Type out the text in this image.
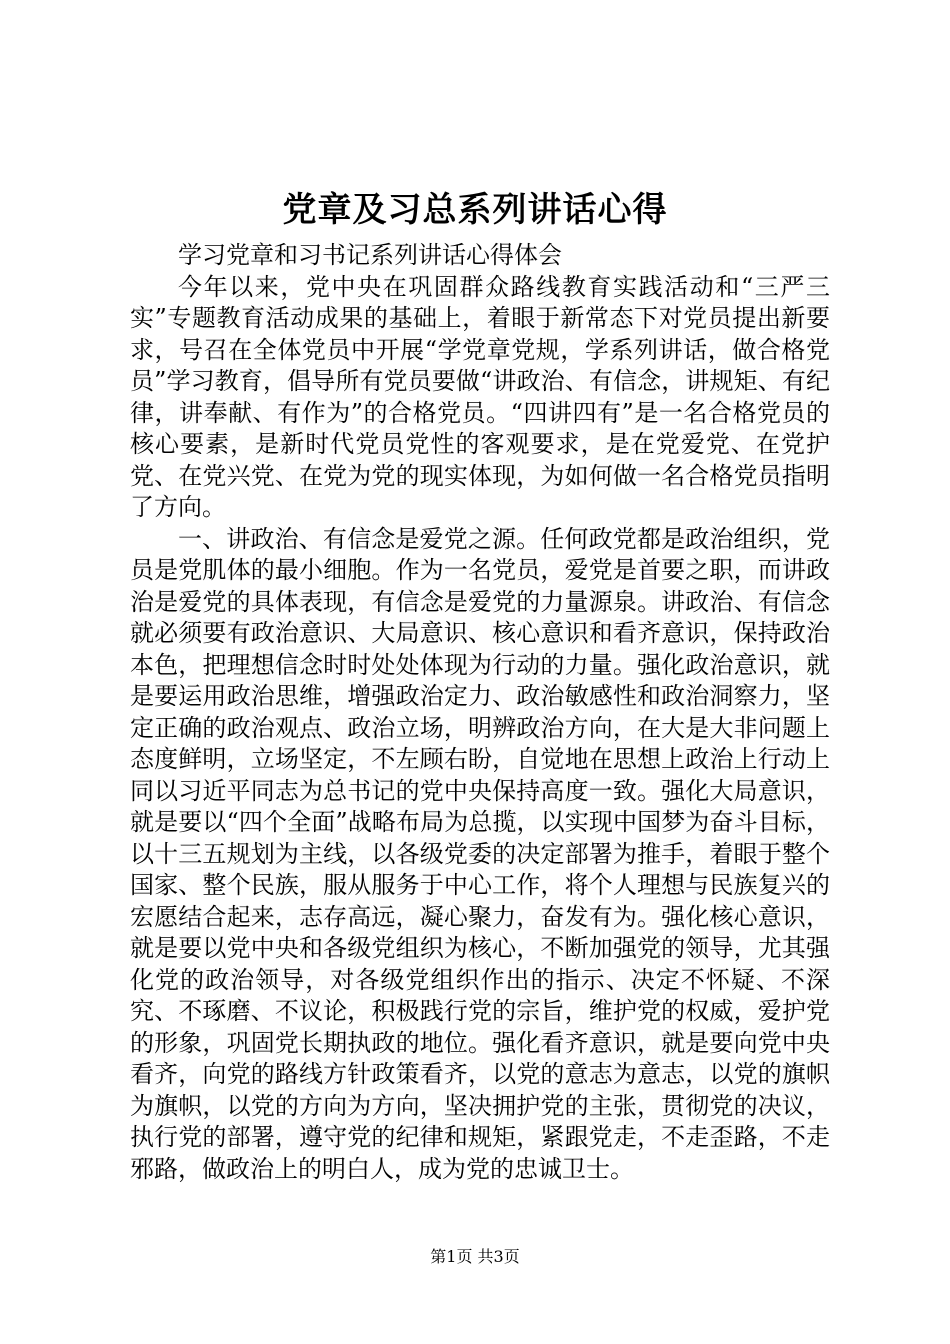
党章及习总系列讲话心得

学习党章和习书记系列讲话心得体会

今年以来，党中央在巩固群众路线教育实践活动和“三严三实”专题教育活动成果的基础上，着眼于新常态下对党员提出新要求，号召在全体党员中开展“学党章党规，学系列讲话，做合格党员”学习教育，倡导所有党员要做“讲政治、有信念，讲规矩、有纪律，讲奉献、有作为”的合格党员。“四讲四有”是一名合格党员的核心要素，是新时代党员党性的客观要求，是在党爱党、在党护党、在党兴党、在党为党的现实体现，为如何做一名合格党员指明了方向。

一、讲政治、有信念是爱党之源。任何政党都是政治组织，党员是党肌体的最小细胞。作为一名党员，爱党是首要之职，而讲政治是爱党的具体表现，有信念是爱党的力量源泉。讲政治、有信念就必须要有政治意识、大局意识、核心意识和看齐意识，保持政治本色，把理想信念时时处处体现为行动的力量。强化政治意识，就是要运用政治思维，增强政治定力、政治敏感性和政治洞察力，坚定正确的政治观点、政治立场，明辨政治方向，在大是大非问题上态度鲜明，立场坚定，不左顾右盼，自觉地在思想上政治上行动上同以习近平同志为总书记的党中央保持高度一致。强化大局意识，就是要以“四个全面”战略布局为总揽，以实现中国梦为奋斗目标，以十三五规划为主线，以各级党委的决定部署为推手，着眼于整个国家、整个民族，服从服务于中心工作，将个人理想与民族复兴的宏愿结合起来，志存高远，凝心聚力，奋发有为。强化核心意识，就是要以党中央和各级党组织为核心，不断加强党的领导，尤其强化党的政治领导，对各级党组织作出的指示、决定不怀疑、不深究、不琢磨、不议论，积极践行党的宗旨，维护党的权威，爱护党的形象，巩固党长期执政的地位。强化看齐意识，就是要向党中央看齐，向党的路线方针政策看齐，以党的意志为意志，以党的旗帜为旗帜，以党的方向为方向，坚决拥护党的主张，贯彻党的决议，执行党的部署，遵守党的纪律和规矩，紧跟党走，不走歪路，不走邪路，做政治上的明白人，成为党的忠诚卫士。

第1页 共3页
